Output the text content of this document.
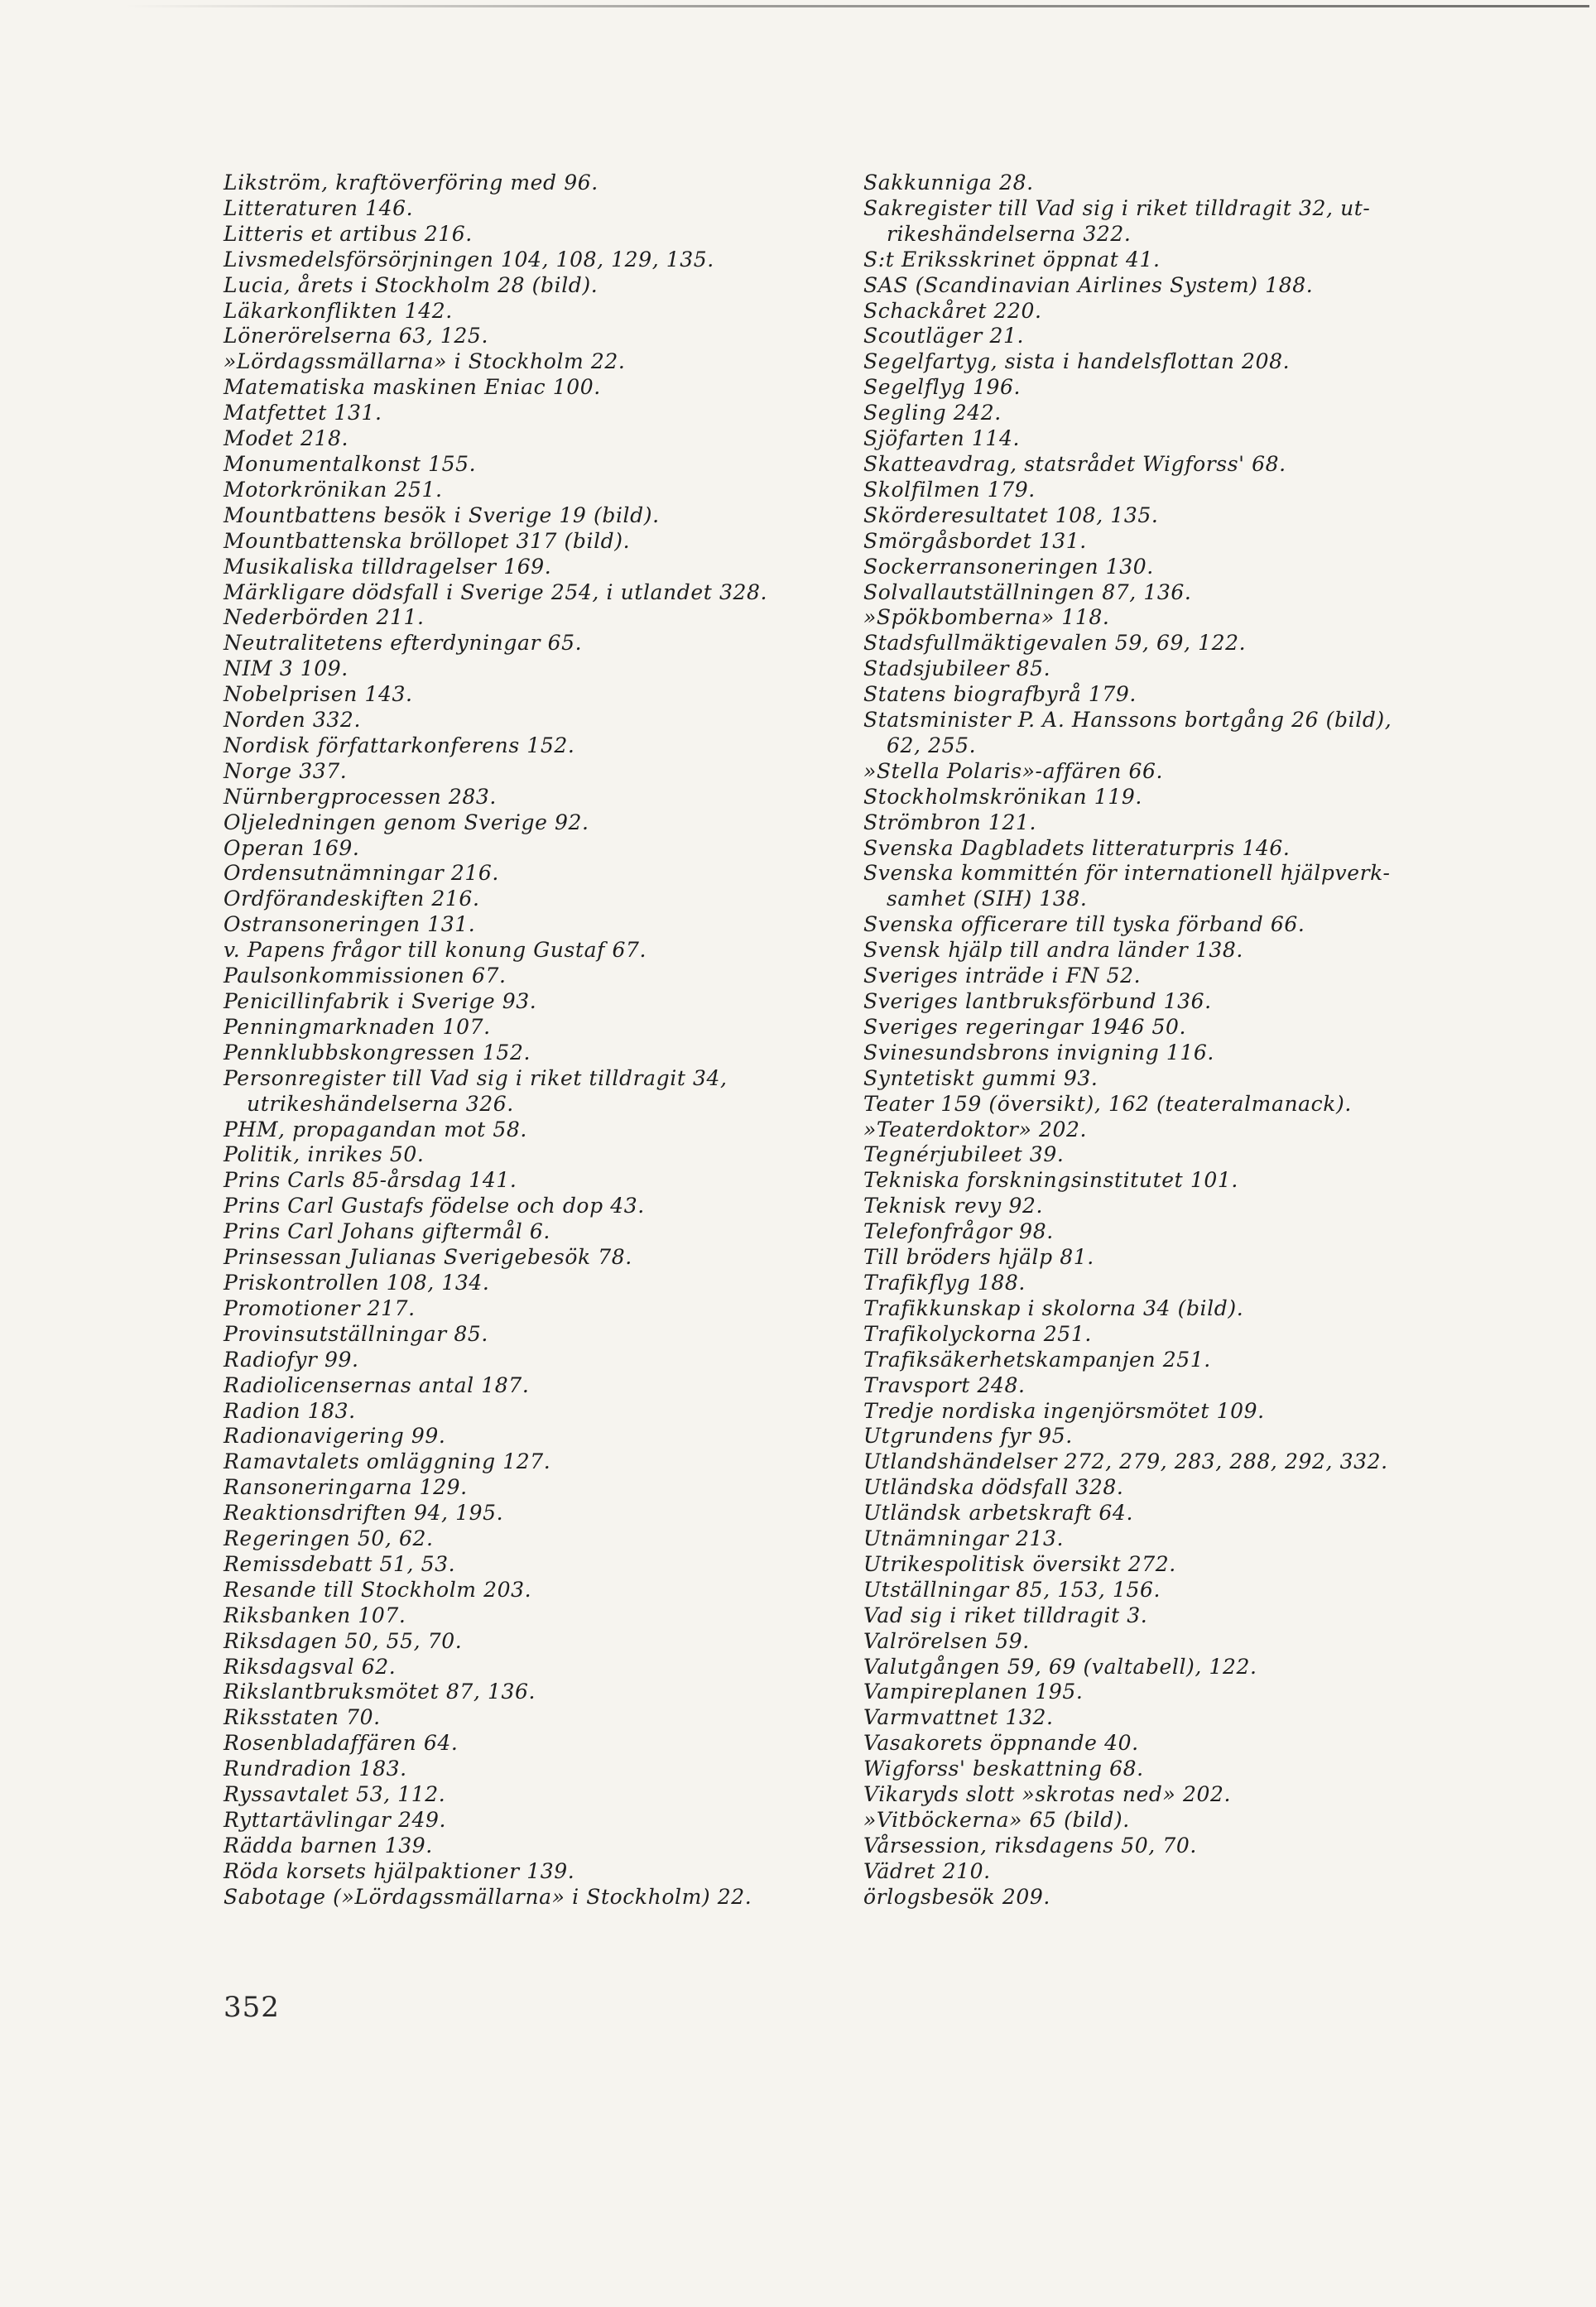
Likström, kraftöverföring med 96.
Litteraturen 146.
Litteris et artibus 216.
Livsmedelsförsörjningen 104, 108, 129, 135.
Lucia, årets i Stockholm 28 (bild).
Läkarkonflikten 142.
Lönerörelserna 63, 125.
»Lördagssmällarna» i Stockholm 22.
Matematiska maskinen Eniac 100.
Matfettet 131.
Modet 218.
Monumentalkonst 155.
Motorkrönikan 251.
Mountbattens besök i Sverige 19 (bild).
Mountbattenska bröllopet 317 (bild).
Musikaliska tilldragelser 169.
Märkligare dödsfall i Sverige 254, i utlandet 328.
Nederbörden 211.
Neutralitetens efterdyningar 65.
NIM 3 109.
Nobelprisen 143.
Norden 332.
Nordisk författarkonferens 152.
Norge 337.
Nürnbergprocessen 283.
Oljeledningen genom Sverige 92.
Operan 169.
Ordensutnämningar 216.
Ordförandeskiften 216.
Ostransoneringen 131.
v. Papens frågor till konung Gustaf 67.
Paulsonkommissionen 67.
Penicillinfabrik i Sverige 93.
Penningmarknaden 107.
Pennklubbskongressen 152.
Personregister till Vad sig i riket tilldragit 34,
utrikeshändelserna 326.
PHM, propagandan mot 58.
Politik, inrikes 50.
Prins Carls 85-årsdag 141.
Prins Carl Gustafs födelse och dop 43.
Prins Carl Johans giftermål 6.
Prinsessan Julianas Sverigebesök 78.
Priskontrollen 108, 134.
Promotioner 217.
Provinsutställningar 85.
Radiofyr 99.
Radiolicensernas antal 187.
Radion 183.
Radionavigering 99.
Ramavtalets omläggning 127.
Ransoneringarna 129.
Reaktionsdriften 94, 195.
Regeringen 50, 62.
Remissdebatt 51, 53.
Resande till Stockholm 203.
Riksbanken 107.
Riksdagen 50, 55, 70.
Riksdagsval 62.
Rikslantbruksmötet 87, 136.
Riksstaten 70.
Rosenbladaffären 64.
Rundradion 183.
Ryssavtalet 53, 112.
Ryttartävlingar 249.
Rädda barnen 139.
Röda korsets hjälpaktioner 139.
Sabotage (»Lördagssmällarna» i Stockholm) 22.
Sakkunniga 28.
Sakregister till Vad sig i riket tilldragit 32, ut-
rikeshändelserna 322.
S:t Eriksskrinet öppnat 41.
SAS (Scandinavian Airlines System) 188.
Schackåret 220.
Scoutläger 21.
Segelfartyg, sista i handelsflottan 208.
Segelflyg 196.
Segling 242.
Sjöfarten 114.
Skatteavdrag, statsrådet Wigforss' 68.
Skolfilmen 179.
Skörderesultatet 108, 135.
Smörgåsbordet 131.
Sockerransoneringen 130.
Solvallautställningen 87, 136.
»Spökbomberna» 118.
Stadsfullmäktigevalen 59, 69, 122.
Stadsjubileer 85.
Statens biografbyrå 179.
Statsminister P. A. Hanssons bortgång 26 (bild),
62, 255.
»Stella Polaris»-affären 66.
Stockholmskrönikan 119.
Strömbron 121.
Svenska Dagbladets litteraturpris 146.
Svenska kommittén för internationell hjälpverk-
samhet (SIH) 138.
Svenska officerare till tyska förband 66.
Svensk hjälp till andra länder 138.
Sveriges inträde i FN 52.
Sveriges lantbruksförbund 136.
Sveriges regeringar 1946 50.
Svinesundsbrons invigning 116.
Syntetiskt gummi 93.
Teater 159 (översikt), 162 (teateralmanack).
»Teaterdoktor» 202.
Tegnérjubileet 39.
Tekniska forskningsinstitutet 101.
Teknisk revy 92.
Telefonfrågor 98.
Till bröders hjälp 81.
Trafikflyg 188.
Trafikkunskap i skolorna 34 (bild).
Trafikolyckorna 251.
Trafiksäkerhetskampanjen 251.
Travsport 248.
Tredje nordiska ingenjörsmötet 109.
Utgrundens fyr 95.
Utlandshändelser 272, 279, 283, 288, 292, 332.
Utländska dödsfall 328.
Utländsk arbetskraft 64.
Utnämningar 213.
Utrikespolitisk översikt 272.
Utställningar 85, 153, 156.
Vad sig i riket tilldragit 3.
Valrörelsen 59.
Valutgången 59, 69 (valtabell), 122.
Vampireplanen 195.
Varmvattnet 132.
Vasakorets öppnande 40.
Wigforss' beskattning 68.
Vikaryds slott »skrotas ned» 202.
»Vitböckerna» 65 (bild).
Vårsession, riksdagens 50, 70.
Vädret 210.
örlogsbesök 209.
352
